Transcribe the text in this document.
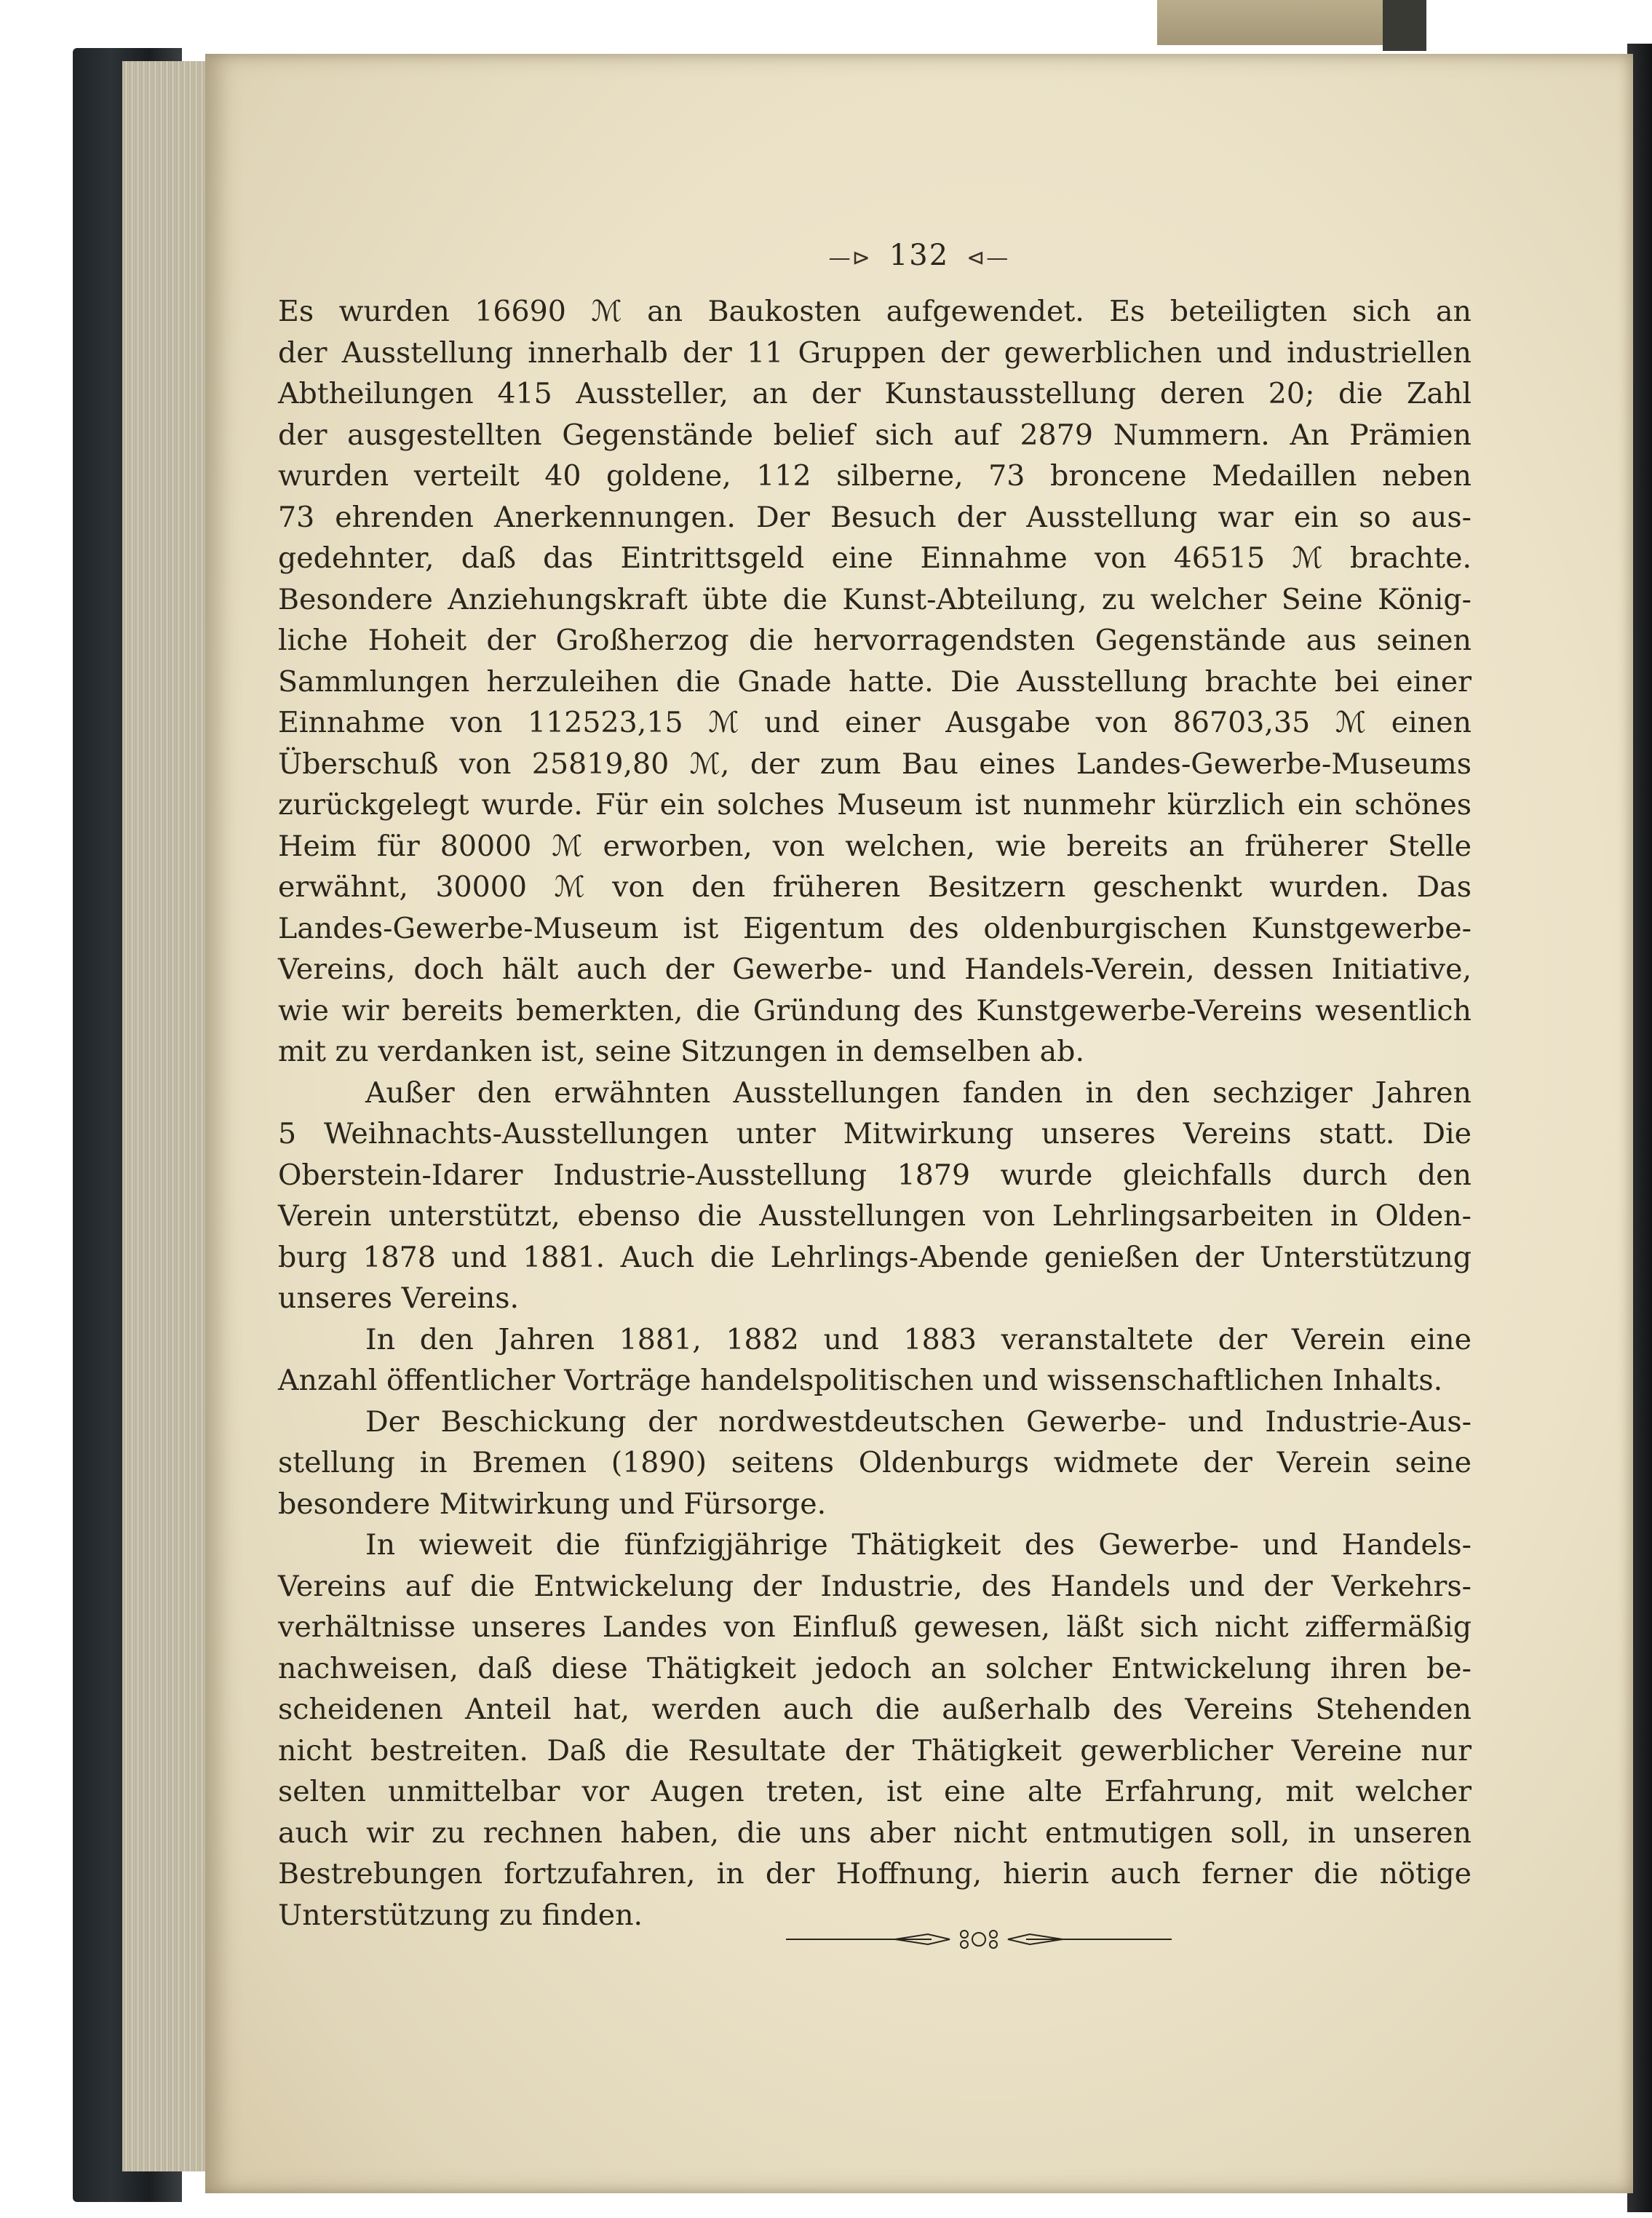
—⊳ 132 ⊲—
Es wurden 16690 ℳ an Baukosten aufgewendet. Es beteiligten sich an
der Ausstellung innerhalb der 11 Gruppen der gewerblichen und industriellen
Abtheilungen 415 Aussteller, an der Kunstausstellung deren 20; die Zahl
der ausgestellten Gegenstände belief sich auf 2879 Nummern. An Prämien
wurden verteilt 40 goldene, 112 silberne, 73 broncene Medaillen neben
73 ehrenden Anerkennungen. Der Besuch der Ausstellung war ein so aus-
gedehnter, daß das Eintrittsgeld eine Einnahme von 46515 ℳ brachte.
Besondere Anziehungskraft übte die Kunst-Abteilung, zu welcher Seine König-
liche Hoheit der Großherzog die hervorragendsten Gegenstände aus seinen
Sammlungen herzuleihen die Gnade hatte. Die Ausstellung brachte bei einer
Einnahme von 112523,15 ℳ und einer Ausgabe von 86703,35 ℳ einen
Überschuß von 25819,80 ℳ, der zum Bau eines Landes-Gewerbe-Museums
zurückgelegt wurde. Für ein solches Museum ist nunmehr kürzlich ein schönes
Heim für 80000 ℳ erworben, von welchen, wie bereits an früherer Stelle
erwähnt, 30000 ℳ von den früheren Besitzern geschenkt wurden. Das
Landes-Gewerbe-Museum ist Eigentum des oldenburgischen Kunstgewerbe-
Vereins, doch hält auch der Gewerbe- und Handels-Verein, dessen Initiative,
wie wir bereits bemerkten, die Gründung des Kunstgewerbe-Vereins wesentlich
mit zu verdanken ist, seine Sitzungen in demselben ab.
Außer den erwähnten Ausstellungen fanden in den sechziger Jahren
5 Weihnachts-Ausstellungen unter Mitwirkung unseres Vereins statt. Die
Oberstein-Idarer Industrie-Ausstellung 1879 wurde gleichfalls durch den
Verein unterstützt, ebenso die Ausstellungen von Lehrlingsarbeiten in Olden-
burg 1878 und 1881. Auch die Lehrlings-Abende genießen der Unterstützung
unseres Vereins.
In den Jahren 1881, 1882 und 1883 veranstaltete der Verein eine
Anzahl öffentlicher Vorträge handelspolitischen und wissenschaftlichen Inhalts.
Der Beschickung der nordwestdeutschen Gewerbe- und Industrie-Aus-
stellung in Bremen (1890) seitens Oldenburgs widmete der Verein seine
besondere Mitwirkung und Fürsorge.
In wieweit die fünfzigjährige Thätigkeit des Gewerbe- und Handels-
Vereins auf die Entwickelung der Industrie, des Handels und der Verkehrs-
verhältnisse unseres Landes von Einfluß gewesen, läßt sich nicht ziffermäßig
nachweisen, daß diese Thätigkeit jedoch an solcher Entwickelung ihren be-
scheidenen Anteil hat, werden auch die außerhalb des Vereins Stehenden
nicht bestreiten. Daß die Resultate der Thätigkeit gewerblicher Vereine nur
selten unmittelbar vor Augen treten, ist eine alte Erfahrung, mit welcher
auch wir zu rechnen haben, die uns aber nicht entmutigen soll, in unseren
Bestrebungen fortzufahren, in der Hoffnung, hierin auch ferner die nötige
Unterstützung zu finden.
